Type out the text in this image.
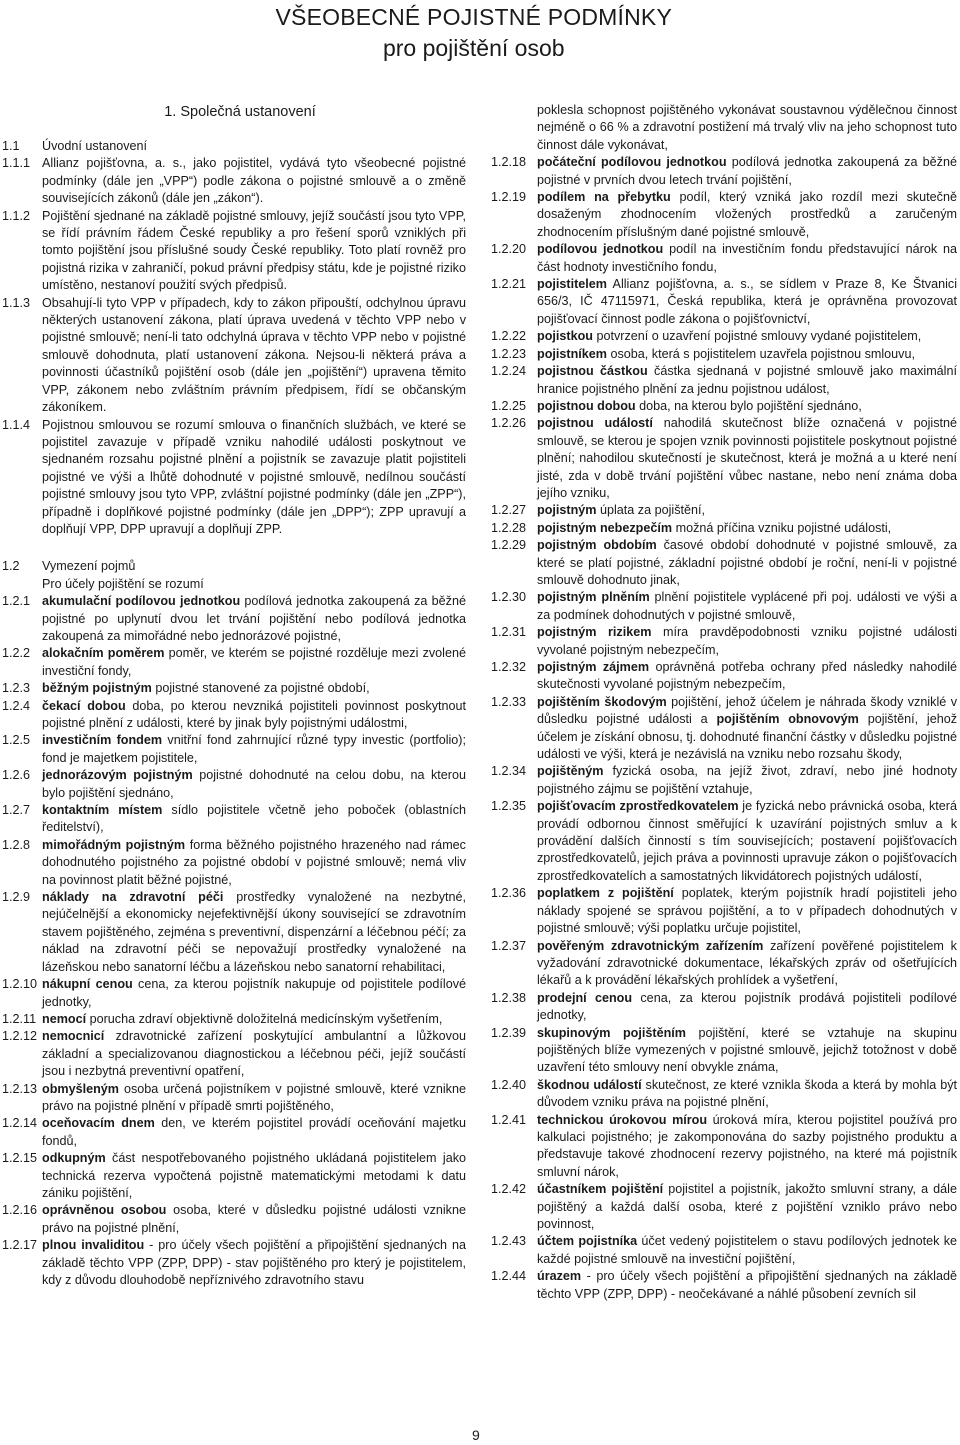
VŠEOBECNÉ POJISTNÉ PODMÍNKY
pro pojištění osob
1. Společná ustanovení
1.1	Úvodní ustanovení
1.1.1 Allianz pojišťovna, a. s., jako pojistitel, vydává tyto všeobecné pojistné podmínky (dále jen „VPP“) podle zákona o pojistné smlouvě a o změně souvisejících zákonů (dále jen „zákon“).
1.1.2 Pojištění sjednané na základě pojistné smlouvy, jejíž součástí jsou tyto VPP, se řídí právním řádem České republiky a pro řešení sporů vzniklých při tomto pojištění jsou příslušné soudy České republiky. Toto platí rovněž pro pojistná rizika v zahraničí, pokud právní předpisy státu, kde je pojistné riziko umístěno, nestanoví použití svých předpisů.
1.1.3 Obsahují-li tyto VPP v případech, kdy to zákon připouští, odchylnou úpravu některých ustanovení zákona, platí úprava uvedená v těchto VPP nebo v pojistné smlouvě; není-li tato odchylná úprava v těchto VPP nebo v pojistné smlouvě dohodnuta, platí ustanovení zákona. Nejsou-li některá práva a povinnosti účastníků pojištění osob (dále jen „pojištění“) upravena těmito VPP, zákonem nebo zvláštním právním předpisem, řídí se občanským zákoníkem.
1.1.4 Pojistnou smlouvou se rozumí smlouva o finančních službách, ve které se pojistitel zavazuje v případě vzniku nahodilé události poskytnout ve sjednaném rozsahu pojistné plnění a pojistník se zavazuje platit pojistiteli pojistné ve výši a lhůtě dohodnuté v pojistné smlouvě, nedílnou součástí pojistné smlouvy jsou tyto VPP, zvláštní pojistné podmínky (dále jen „ZPP“), případně i doplňkové pojistné podmínky (dále jen „DPP“); ZPP upravují a doplňují VPP, DPP upravují a doplňují ZPP.
1.2	Vymezení pojmů
Pro účely pojištění se rozumí
1.2.1 akumulační podílovou jednotkou podílová jednotka zakoupená za běžné pojistné po uplynutí dvou let trvání pojištění nebo podílová jednotka zakoupená za mimořádné nebo jednorázové pojistné,
1.2.2 alokačním poměrem poměr, ve kterém se pojistné rozděluje mezi zvolené investiční fondy,
1.2.3 běžným pojistným pojistné stanovené za pojistné období,
1.2.4 čekací dobou doba, po kterou nevzniká pojistiteli povinnost poskytnout pojistné plnění z události, které by jinak byly pojistnými událostmi,
1.2.5 investičním fondem vnitřní fond zahrnující různé typy investic (portfolio); fond je majetkem pojistitele,
1.2.6 jednorázovým pojistným pojistné dohodnuté na celou dobu, na kterou bylo pojištění sjednáno,
1.2.7 kontaktním místem sídlo pojistitele včetně jeho poboček (oblastních ředitelství),
1.2.8 mimořádným pojistným forma běžného pojistného hrazeného nad rámec dohodnutého pojistného za pojistné období v pojistné smlouvě; nemá vliv na povinnost platit běžné pojistné,
1.2.9 náklady na zdravotní péči prostředky vynaložené na nezbytné, nejúčelnější a ekonomicky nejefektivnější úkony související se zdravotním stavem pojištěného, zejména s preventivní, dispenzární a léčebnou péčí; za náklad na zdravotní péči se nepovažují prostředky vynaložené na lázeňskou nebo sanatorní léčbu a lázeňskou nebo sanatorní rehabilitaci,
1.2.10 nákupní cenou cena, za kterou pojistník nakupuje od pojistitele podílové jednotky,
1.2.11 nemocí porucha zdraví objektivně doložitelná medicínským vyšetřením,
1.2.12 nemocnicí zdravotnické zařízení poskytující ambulantní a lůžkovou základní a specializovanou diagnostickou a léčebnou péči, jejíž součástí jsou i nezbytná preventivní opatření,
1.2.13 obmyšleným osoba určená pojistníkem v pojistné smlouvě, které vznikne právo na pojistné plnění v případě smrti pojištěného,
1.2.14 oceňovacím dnem den, ve kterém pojistitel provádí oceňování majetku fondů,
1.2.15 odkupným část nespotřebovaného pojistného ukládaná pojistitelem jako technická rezerva vypočtená pojistně matematickými metodami k datu zániku pojištění,
1.2.16 oprávněnou osobou osoba, které v důsledku pojistné události vznikne právo na pojistné plnění,
1.2.17 plnou invaliditou - pro účely všech pojištění a připojištění sjednaných na základě těchto VPP (ZPP, DPP) - stav pojištěného pro který je pojistitelem, kdy z důvodu dlouhodobě nepříznivého zdravotního stavu
poklesla schopnost pojištěného vykonávat soustavnou výdělečnou činnost nejméně o 66 % a zdravotní postižení má trvalý vliv na jeho schopnost tuto činnost dále vykonávat,
1.2.18 počáteční podílovou jednotkou podílová jednotka zakoupená za běžné pojistné v prvních dvou letech trvání pojištění,
1.2.19 podílem na přebytku podíl, který vzniká jako rozdíl mezi skutečně dosaženým zhodnocením vložených prostředků a zaručeným zhodnocením příslušným dané pojistné smlouvě,
1.2.20 podílovou jednotkou podíl na investičním fondu představující nárok na část hodnoty investičního fondu,
1.2.21 pojistitelem Allianz pojišťovna, a. s., se sídlem v Praze 8, Ke Štvanici 656/3, IČ 47115971, Česká republika, která je oprávněna provozovat pojišťovací činnost podle zákona o pojišťovnictví,
1.2.22 pojistkou potvrzení o uzavření pojistné smlouvy vydané pojistitelem,
1.2.23 pojistníkem osoba, která s pojistitelem uzavřela pojistnou smlouvu,
1.2.24 pojistnou částkou částka sjednaná v pojistné smlouvě jako maximální hranice pojistného plnění za jednu pojistnou událost,
1.2.25 pojistnou dobou doba, na kterou bylo pojištění sjednáno,
1.2.26 pojistnou událostí nahodilá skutečnost blíže označená v pojistné smlouvě, se kterou je spojen vznik povinnosti pojistitele poskytnout pojistné plnění; nahodilou skutečností je skutečnost, která je možná a u které není jisté, zda v době trvání pojištění vůbec nastane, nebo není známa doba jejího vzniku,
1.2.27 pojistným úplata za pojištění,
1.2.28 pojistným nebezpečím možná příčina vzniku pojistné události,
1.2.29 pojistným obdobím časové období dohodnuté v pojistné smlouvě, za které se platí pojistné, základní pojistné období je roční, není-li v pojistné smlouvě dohodnuto jinak,
1.2.30 pojistným plněním plnění pojistitele vyplácené při poj. události ve výši a za podmínek dohodnutých v pojistné smlouvě,
1.2.31 pojistným rizikem míra pravděpodobnosti vzniku pojistné události vyvolané pojistným nebezpečím,
1.2.32 pojistným zájmem oprávněná potřeba ochrany před následky nahodilé skutečnosti vyvolané pojistným nebezpečím,
1.2.33 pojištěním škodovým pojištění, jehož účelem je náhrada škody vzniklé v důsledku pojistné události a pojištěním obnovovým pojištění, jehož účelem je získání obnosu, tj. dohodnuté finanční částky v důsledku pojistné události ve výši, která je nezávislá na vzniku nebo rozsahu škody,
1.2.34 pojištěným fyzická osoba, na jejíž život, zdraví, nebo jiné hodnoty pojistného zájmu se pojištění vztahuje,
1.2.35 pojišťovacím zprostředkovatelem je fyzická nebo právnická osoba, která provádí odbornou činnost směřující k uzavírání pojistných smluv a k provádění dalších činností s tím souvisejících; postavení pojišťovacích zprostředkovatelů, jejich práva a povinnosti upravuje zákon o pojišťovacích zprostředkovatelích a samostatných likvidátorech pojistných událostí,
1.2.36 poplatkem z pojištění poplatek, kterým pojistník hradí pojistiteli jeho náklady spojené se správou pojištění, a to v případech dohodnutých v pojistné smlouvě; výši poplatku určuje pojistitel,
1.2.37 pověřeným zdravotnickým zařízením zařízení pověřené pojistitelem k vyžadování zdravotnické dokumentace, lékařských zpráv od ošetřujících lékařů a k provádění lékařských prohlídek a vyšetření,
1.2.38 prodejní cenou cena, za kterou pojistník prodává pojistiteli podílové jednotky,
1.2.39 skupinovým pojištěním pojištění, které se vztahuje na skupinu pojištěných blíže vymezených v pojistné smlouvě, jejichž totožnost v době uzavření této smlouvy není obvykle známa,
1.2.40 škodnou událostí skutečnost, ze které vznikla škoda a která by mohla být důvodem vzniku práva na pojistné plnění,
1.2.41 technickou úrokovou mírou úroková míra, kterou pojistitel používá pro kalkulaci pojistného; je zakomponována do sazby pojistného produktu a představuje takové zhodnocení rezervy pojistného, na které má pojistník smluvní nárok,
1.2.42 účastníkem pojištění pojistitel a pojistník, jakožto smluvní strany, a dále pojištěný a každá další osoba, které z pojištění vzniklo právo nebo povinnost,
1.2.43 účtem pojistníka účet vedený pojistitelem o stavu podílových jednotek ke každé pojistné smlouvě na investiční pojištění,
1.2.44 úrazem - pro účely všech pojištění a připojištění sjednaných na základě těchto VPP (ZPP, DPP) - neočekávané a náhlé působení zevních sil
9
